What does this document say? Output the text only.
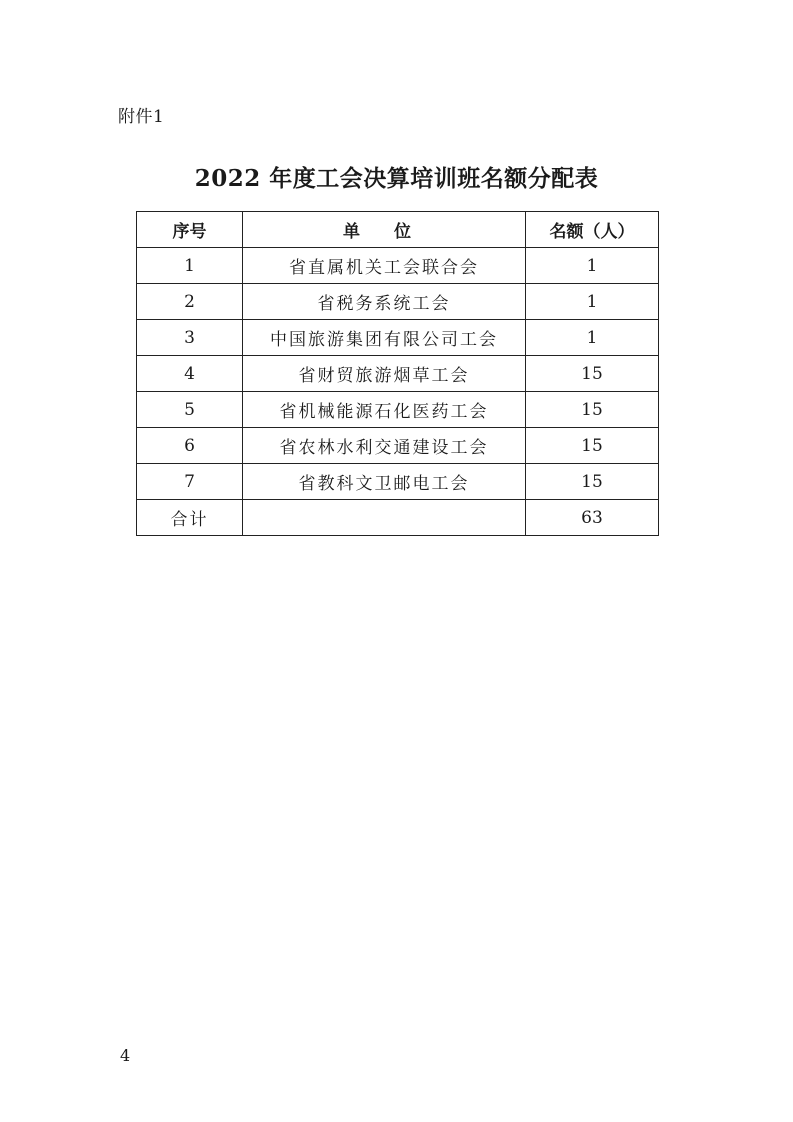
附件1
2022 年度工会决算培训班名额分配表
序号	单 位	名额（人）
1	省直属机关工会联合会	1
2	省税务系统工会	1
3	中国旅游集团有限公司工会	1
4	省财贸旅游烟草工会	15
5	省机械能源石化医药工会	15
6	省农林水利交通建设工会	15
7	省教科文卫邮电工会	15
合计		63
4
